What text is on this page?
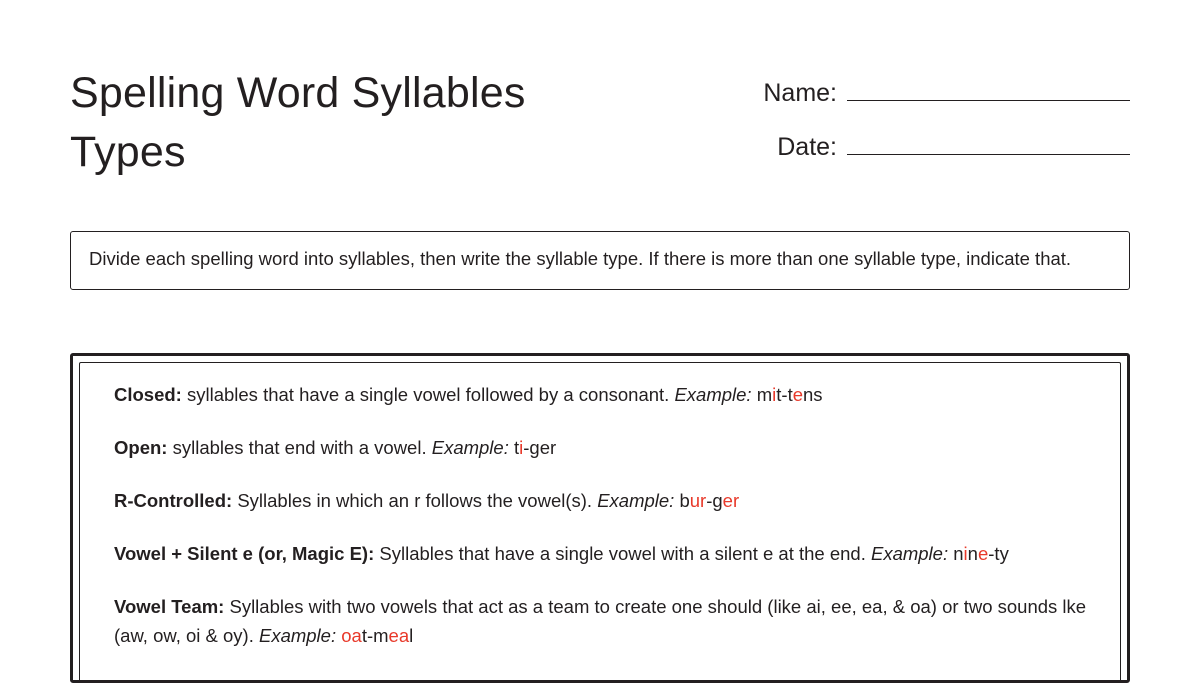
Spelling Word Syllables Types
Name:
Date:
Divide each spelling word into syllables, then write the syllable type. If there is more than one syllable type, indicate that.
Closed: syllables that have a single vowel followed by a consonant. Example: mit-tens
Open: syllables that end with a vowel. Example: ti-ger
R-Controlled: Syllables in which an r follows the vowel(s). Example: bur-ger
Vowel + Silent e (or, Magic E): Syllables that have a single vowel with a silent e at the end. Example: nine-ty
Vowel Team: Syllables with two vowels that act as a team to create one should (like ai, ee, ea, & oa) or two sounds lke (aw, ow, oi & oy). Example: oat-meal
